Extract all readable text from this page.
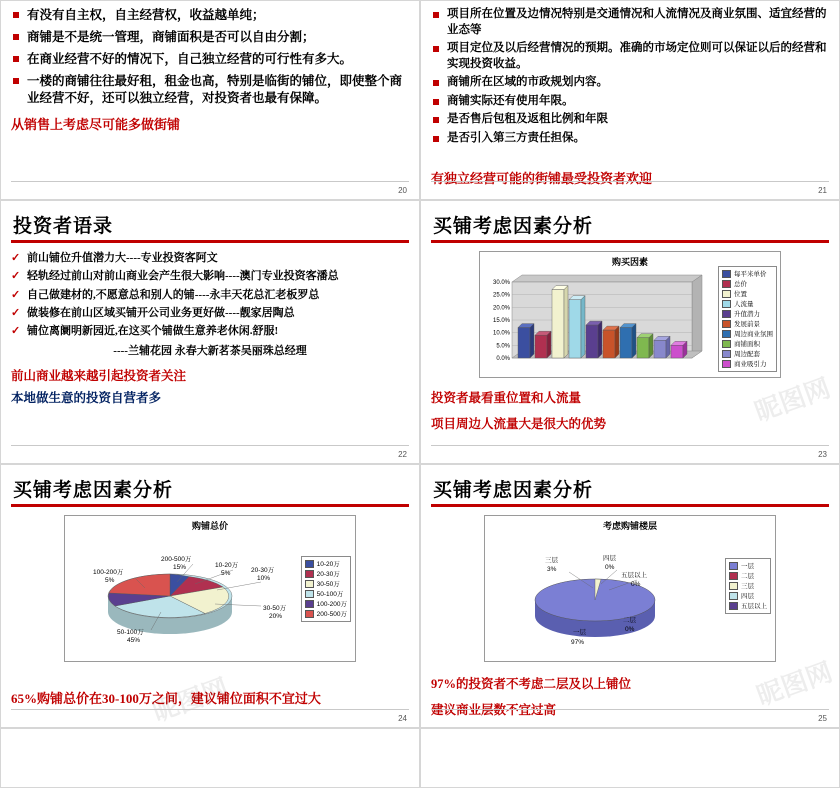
有没有自主权，自主经营权，收益越单纯；
商铺是不是统一管理，商铺面积是否可以自由分割；
在商业经营不好的情况下，自己独立经营的可行性有多大。
一楼的商铺往往最好租，租金也高，特别是临街的铺位，即使整个商业经营不好，还可以独立经营，对投资者也最有保障。
从销售上考虑尽可能多做街铺
20
项目所在位置及边情况特别是交通情况和人流情况及商业氛围、适宜经营的业态等
项目定位及以后经营情况的预期。准确的市场定位则可以保证以后的经营和实现投资收益。
商铺所在区域的市政规划内容。
商铺实际还有使用年限。
是否售后包租及返租比例和年限
是否引入第三方责任担保。
有独立经营可能的街铺最受投资者欢迎
21
投资者语录
✓ 前山铺位升值潜力大----专业投资客阿文
✓ 轻轨经过前山对前山商业会产生很大影响----澳门专业投资客潘总
✓ 自己做建材的,不愿意总和别人的铺----永丰天花总汇老板罗总
✓ 做装修在前山区域买铺开公司业务更好做----靓家居陶总
✓ 铺位离阛明新园近,在这买个铺做生意养老休闲.舒服!
----兰辅花园 永春大新茗茶吴丽珠总经理
前山商业越来越引起投资者关注
本地做生意的投资自营者多
22
买铺考虑因素分析
购买因素
0.0%
5.0%
10.0%
15.0%
20.0%
25.0%
30.0%
每平米单价
总价
位置
人流量
升值潜力
发展前景
周边商业氛围
商铺面积
周边配套
商业吸引力
投资者最看重位置和人流量
项目周边人流量大是很大的优势	昵图网
23
买铺考虑因素分析
购铺总价
200-500万
15%	10-20万
5%	20-30万
10%
100-200万
5%
30-50万
20%
50-100万
45%
10-20万
20-30万
30-50万
50-100万
100-200万
200-500万
65%购铺总价在30-100万之间，建议铺位面积不宜过大
昵图网	24
买铺考虑因素分析
考虑购铺楼层
三层
3%
四层
0%
五层以上
0%
一层
97%
二层
0%
一层
二层
三层
四层
五层以上
97%的投资者不考虑二层及以上铺位
建议商业层数不宜过高	昵图网
25
